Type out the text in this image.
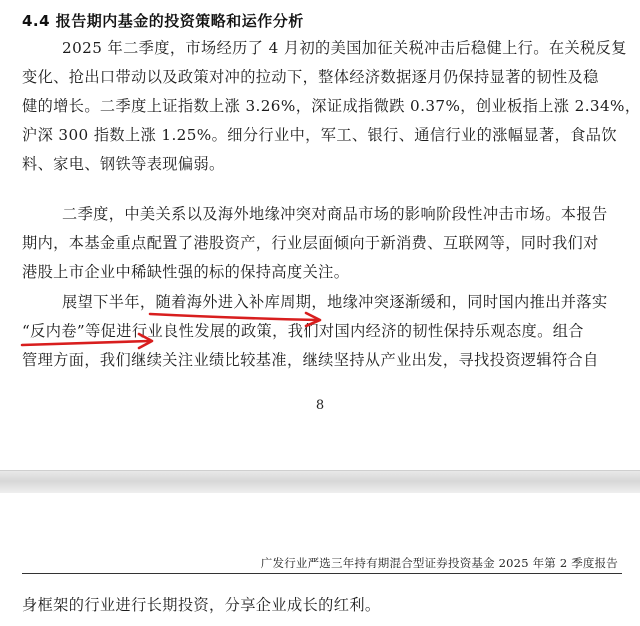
4.4 报告期内基金的投资策略和运作分析
2025 年二季度，市场经历了 4 月初的美国加征关税冲击后稳健上行。在关税反复
变化、抢出口带动以及政策对冲的拉动下，整体经济数据逐月仍保持显著的韧性及稳
健的增长。二季度上证指数上涨 3.26%，深证成指微跌 0.37%，创业板指上涨 2.34%，
沪深 300 指数上涨 1.25%。细分行业中，军工、银行、通信行业的涨幅显著，食品饮
料、家电、钢铁等表现偏弱。
二季度，中美关系以及海外地缘冲突对商品市场的影响阶段性冲击市场。本报告
期内，本基金重点配置了港股资产，行业层面倾向于新消费、互联网等，同时我们对
港股上市企业中稀缺性强的标的保持高度关注。
展望下半年，随着海外进入补库周期，地缘冲突逐渐缓和，同时国内推出并落实
“反内卷”等促进行业良性发展的政策，我们对国内经济的韧性保持乐观态度。组合
管理方面，我们继续关注业绩比较基准，继续坚持从产业出发，寻找投资逻辑符合自
8
广发行业严选三年持有期混合型证券投资基金 2025 年第 2 季度报告
身框架的行业进行长期投资，分享企业成长的红利。
